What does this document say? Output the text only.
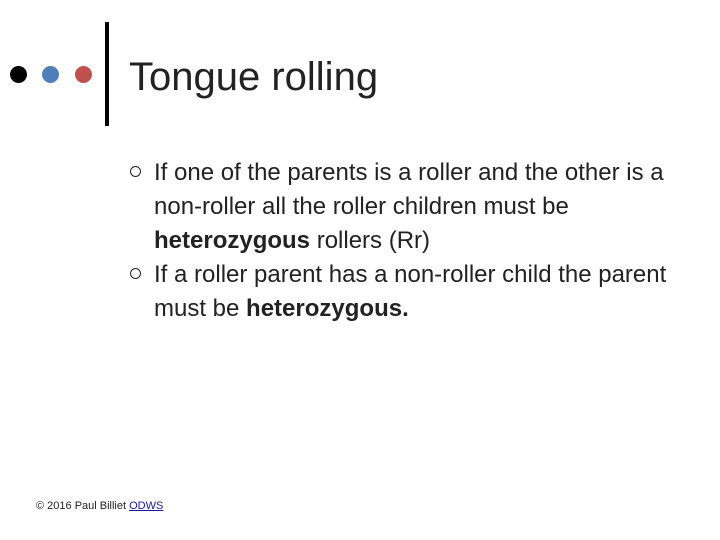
Tongue rolling
If one of the parents is a roller and the other is a non-roller all the roller children must be heterozygous rollers (Rr)
If a roller parent has a non-roller child the parent must be heterozygous.
© 2016 Paul Billiet ODWS
